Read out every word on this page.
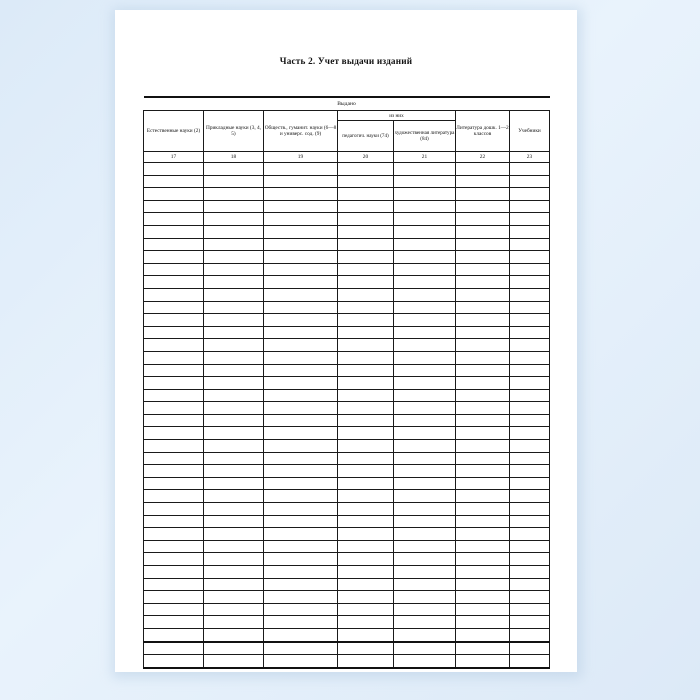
Часть 2. Учет выдачи изданий

Выдано						
Естественные науки (2)	Прикладные науки (3, 4, 5)	Обществ., гуманит. науки (6—8 и универс. сод. (9)	из них		Литература дошк. 1—2 классов	Учебники
			педагогич. науки (74)	художественная литература (84)		
17	18	19	20	21	22	23
